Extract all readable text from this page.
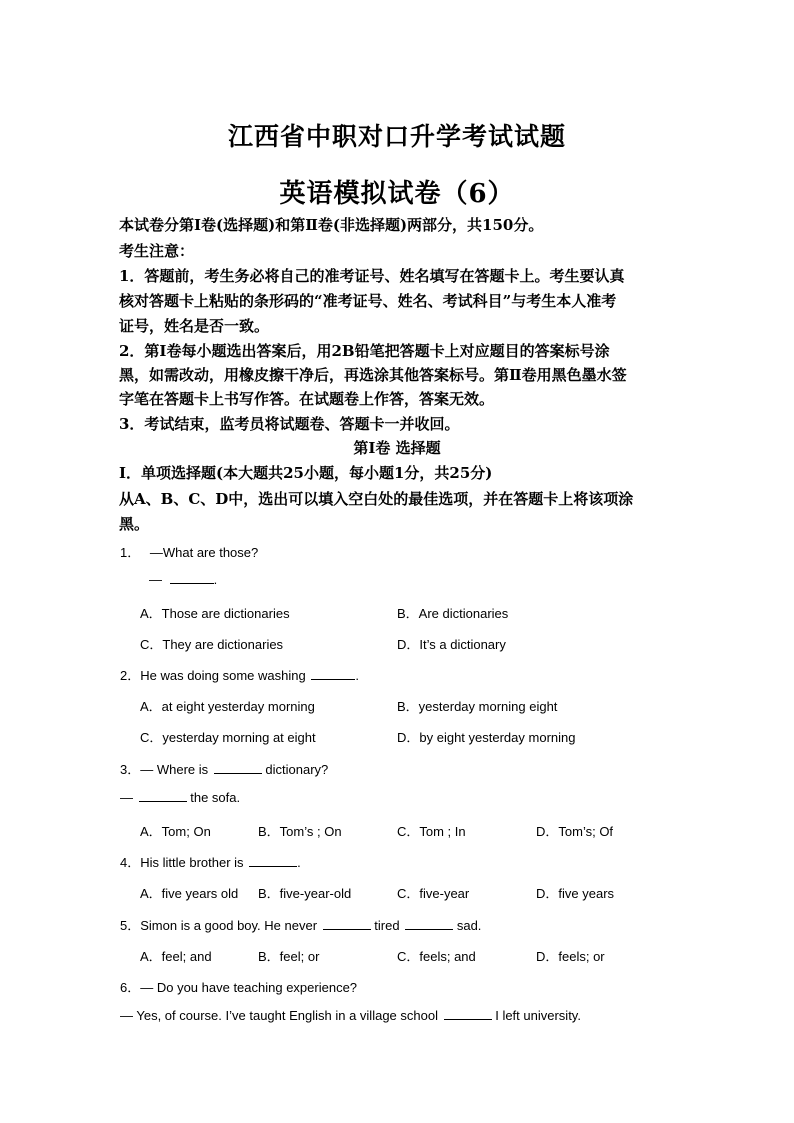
江西省中职对口升学考试试题
英语模拟试卷（6）
本试卷分第Ⅰ卷(选择题)和第Ⅱ卷(非选择题)两部分，共150分。
考生注意：
1．答题前，考生务必将自己的准考证号、姓名填写在答题卡上。考生要认真
核对答题卡上粘贴的条形码的“准考证号、姓名、考试科目”与考生本人准考
证号，姓名是否一致。
2．第Ⅰ卷每小题选出答案后，用2B铅笔把答题卡上对应题目的答案标号涂
黑，如需改动，用橡皮擦干净后，再选涂其他答案标号。第Ⅱ卷用黑色墨水签
字笔在答题卡上书写作答。在试题卷上作答，答案无效。
3．考试结束，监考员将试题卷、答题卡一并收回。
第Ⅰ卷 选择题
Ⅰ．单项选择题(本大题共25小题，每小题1分，共25分)
从A、B、C、D中，选出可以填入空白处的最佳选项，并在答题卡上将该项涂
黑。
1． —What are those?
—	.
A．Those are dictionaries	B．Are dictionaries
C．They are dictionaries	D．It’s a dictionary
2．He was doing some washing	.
A．at eight yesterday morning	B．yesterday morning eight
C．yesterday morning at eight	D．by eight yesterday morning
3．— Where is	dictionary?
—	the sofa.
A．Tom; On	B．Tom’s ; On	C．Tom ; In	D．Tom’s; Of
4．His little brother is	.
A．five years old B．five-year-old	C．five-year	D．five years
5．Simon is a good boy. He never	tired	sad.
A．feel; and	B．feel; or	C．feels; and	D．feels; or
6．— Do you have teaching experience?
— Yes, of course. I’ve taught English in a village school	I left university.
